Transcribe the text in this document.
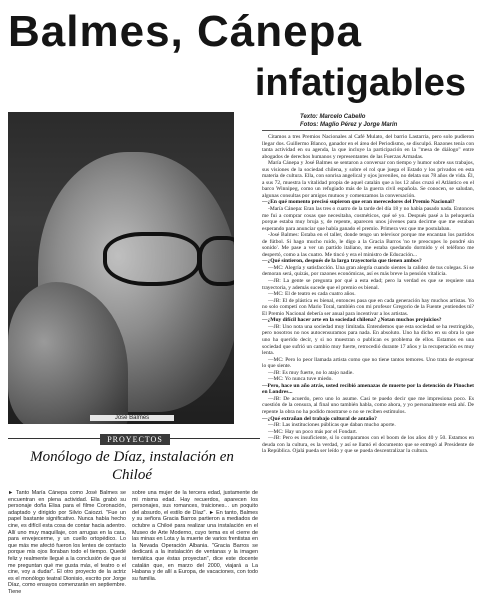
Balmes, Cánepa
infatigables
José Balmes
Texto: Marcelo Cabello
Fotos: Maglio Pérez y Jorge Marín

Citamos a tres Premios Nacionales al Café Mulato, del barrio Lastarria, pero solo pudieron llegar dos. Guillermo Blanco, ganador en el área del Periodismo, se disculpó. Razones tenía con tanta actividad en su agenda, la que incluye la participación en la "mesa de diálogo" entre abogados de derechos humanos y representantes de las Fuerzas Armadas.

María Cánepa y José Balmes se sentaron a conversar con tiempo y humor sobre sus trabajos, sus visiones de la sociedad chilena, y sobre el rol que juega el Estado y los privados en esta materia de cultura. Ella, con sonrisa angelical y ojos juveniles, no delata sus 78 años de vida. Él, a sus 72, muestra la vitalidad propia de aquel catalán que a los 12 años cruzó el Atlántico en el barco Winnipeg, como un refugiado más de la guerra civil española. Se conocen, se saludan, algunas consultas por amigos mutuos y comenzamos la conversación.

—¿En qué momento precisó supieron que eran merecedores del Premio Nacional?

-María Cánepa: Eran las tres o cuatro de la tarde del día 18 y no había pasado nada. Entonces me fui a comprar cosas que necesitaba, cosméticos, qué sé yo. Después pasé a la peluquería porque estaba muy bruja y, de repente, aparecen unos jóvenes para decirme que me estaban esperando para anunciar que había ganado el premio. Primera vez que me postulaban.

-José Balmes: Estaba en el taller, donde tengo un televisor porque me encantan los partidos de fútbol. Si hago mucho ruido, le digo a la Gracia Barros 'no te preocupes lo pondré sin sonido'. Me pase a ver un partido italiano, me estaba quedando dormido y el teléfono me despertó, como a las cuatro. Me tincó y era el ministro de Educación...

—¿Qué sintieron, después de la larga trayectoria que tienen ambos?

—MC: Alegría y satisfacción. Una gran alegría cuando sientes la calidez de tus colegas. Si se demoran será, quizás, por razones económicas, así es más breve la pensión vitalicia.

—JB: La gente se pregunta por qué a esta edad; pero la verdad es que se requiere una trayectoria, y además sucede que el premio es bienal.

—MC: El de teatro es cada cuatro años.

—JB: El de plástica es bienal, entonces pasa que en cada generación hay muchos artistas. Yo no solo competí con Mario Toral, también con mi profesor Gregorio de la Fuente ¿entiendes tú? El Premio Nacional debería ser anual para incentivar a los artistas.

—¿Muy difícil hacer arte en la sociedad chilena? ¿Notan muchos prejuicios?

—JB: Uno nota una sociedad muy limitada. Entendemos que esta sociedad se ha restringido, pero nosotros no nos autocensuramos para nada. En absoluto. Uno ha dicho en su obra lo que uno ha querido decir, y si no muestran o publican es problema de ellos. Estamos en una sociedad que sufrió un cambio muy fuerte, retrocedió durante 17 años y la recuperación es muy lenta.

—MC: Pero lo peor llamada artista como que no tiene tantos temores. Uno trata de expresar lo que siente.

—JB: Es muy fuerte, no lo atajo nadie.

—MC: Yo nunca tuve miedo.

—Pero, hace un año atrás, usted recibió amenazas de muerte por la detención de Pinochet en Londres...

—JB: De acuerdo, pero uno lo asume. Casi te puedo decir que me impresiona poco. Es cuestión de la censura, al final uno también habla, como ahora, y yo personalmente está ahí. De repente la obra no ha podido mostrarse o no se reciben estímulos.

—¿Qué extrañan del trabajo cultural de antaño?

—JB: Las instituciones públicas que daban mucho aporte.

—MC: Hay un poco más por el Fondart.

—JB: Pero es insuficiente, si lo comparamos con el boom de los años 40 y 50. Estamos en deuda con la cultura, es la verdad, y así se llamó el documento que se entregó al Presidente de la República. Ojalá pueda ser leído y que se pueda descentralizar la cultura.

PROYECTOS
Monólogo de Díaz, instalación en Chiloé

► Tanto María Cánepa como José Balmes se encuentran en plena actividad. Ella grabó su personaje doña Elisa para el filme Coronación, adaptado y dirigido por Silvio Caiozzi. "Fue un papel bastante significativo. Nunca había hecho cine, es difícil esta cosa de contar hacia adentro. Allí uno muy maquillaje, con arrugas en la cara, para envejecerme, y un cuello ortopédico. Lo que más me afectó fueron los lentes de contacto porque mis ojos lloraban todo el tiempo. Quedé feliz y realmente llegué a la conclusión de que si me preguntan qué me gusta más, el teatro o el cine, voy a dudar". El otro proyecto de la actriz es el monólogo teatral Dionisio, escrito por Jorge Díaz, como ensayos comenzarán en septiembre. Tiene

sobre una mujer de la tercera edad, justamente de mi misma edad. Hay recuerdos, aparecen los personajes, sus romances, traiciones... un poquito del absurdo, el estilo de Díaz". ► En tanto, Balmes y su señora Gracia Barros partieron a mediados de octubre a Chiloé para realizar una instalación en el Museo de Arte Moderno, cuyo tema es el cierre de las minas en Lota y la muerte de varios frentistas en la Nevada Operación Albania. "Gracia Barros se dedicará a la instalación de ventanas y la imagen temática que éstas proyectan", dice este docente catalán que, en marzo del 2000, viajará a La Habana y de allí a Europa, de vacaciones, con todo su familia.
